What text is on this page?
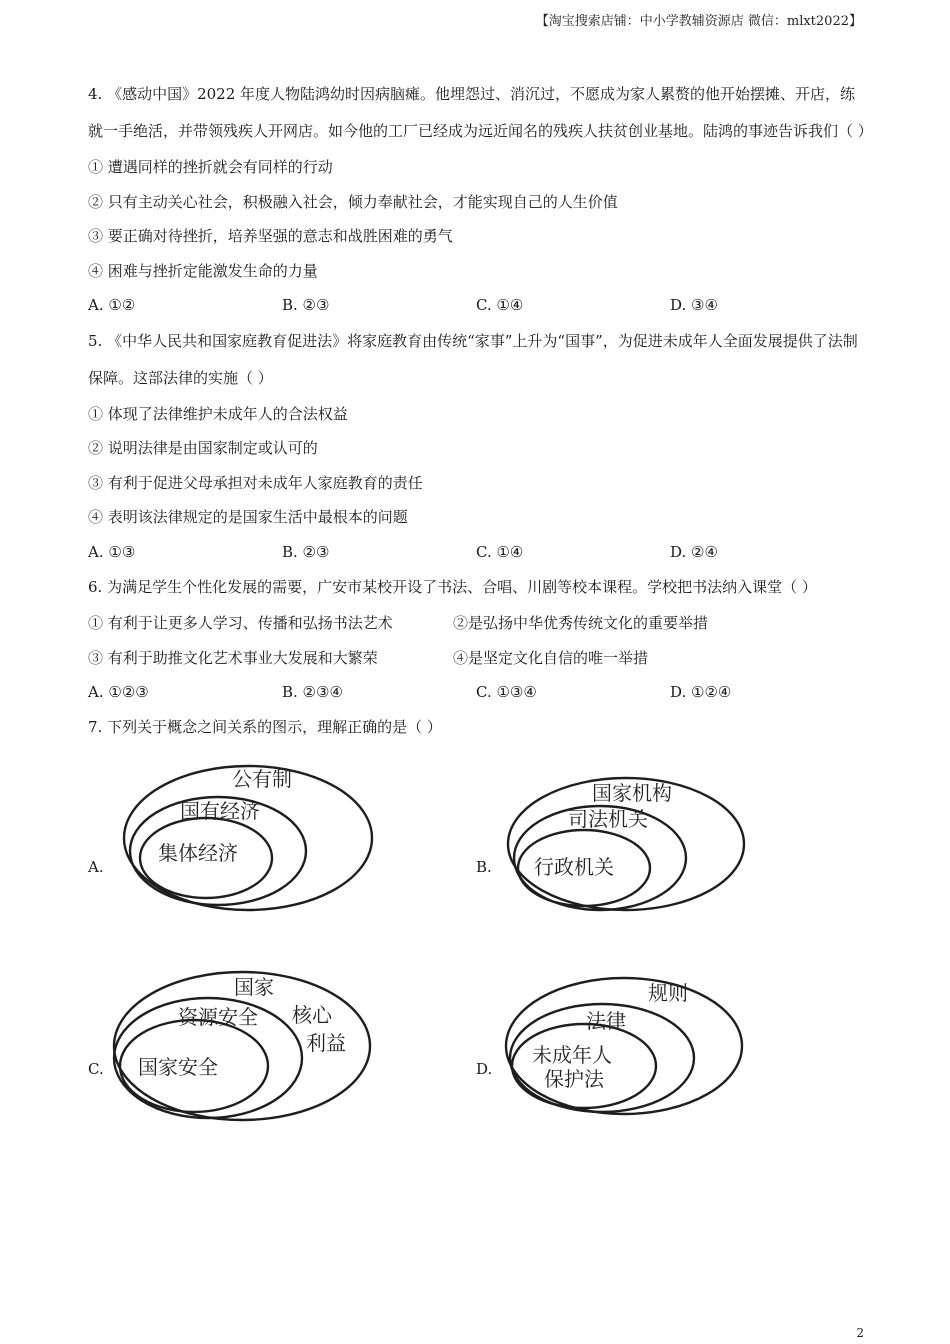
【淘宝搜索店铺：中小学教辅资源店 微信：mlxt2022】
4. 《感动中国》2022 年度人物陆鸿幼时因病脑瘫。他埋怨过、消沉过，不愿成为家人累赘的他开始摆摊、开店，练就一手绝活，并带领残疾人开网店。如今他的工厂已经成为远近闻名的残疾人扶贫创业基地。陆鸿的事迹告诉我们（ ）
① 遭遇同样的挫折就会有同样的行动
② 只有主动关心社会，积极融入社会，倾力奉献社会，才能实现自己的人生价值
③ 要正确对待挫折，培养坚强的意志和战胜困难的勇气
④ 困难与挫折定能激发生命的力量
A. ①②	B. ②③	C. ①④	D. ③④
5. 《中华人民共和国家庭教育促进法》将家庭教育由传统“家事”上升为“国事”，为促进未成年人全面发展提供了法制保障。这部法律的实施（ ）
① 体现了法律维护未成年人的合法权益
② 说明法律是由国家制定或认可的
③ 有利于促进父母承担对未成年人家庭教育的责任
④ 表明该法律规定的是国家生活中最根本的问题
A. ①③	B. ②③	C. ①④	D. ②④
6. 为满足学生个性化发展的需要，广安市某校开设了书法、合唱、川剧等校本课程。学校把书法纳入课堂（ ）
① 有利于让更多人学习、传播和弘扬书法艺术	②是弘扬中华优秀传统文化的重要举措
③ 有利于助推文化艺术事业大发展和大繁荣	④是坚定文化自信的唯一举措
A. ①②③	B. ②③④	C. ①③④	D. ①②④
7. 下列关于概念之间关系的图示，理解正确的是（ ）
A.
公有制
国有经济
集体经济
B.
国家机构
司法机关
行政机关
C.
国家
核心
利益
资源安全
国家安全	D.
规则
法律
未成年人
保护法
2
